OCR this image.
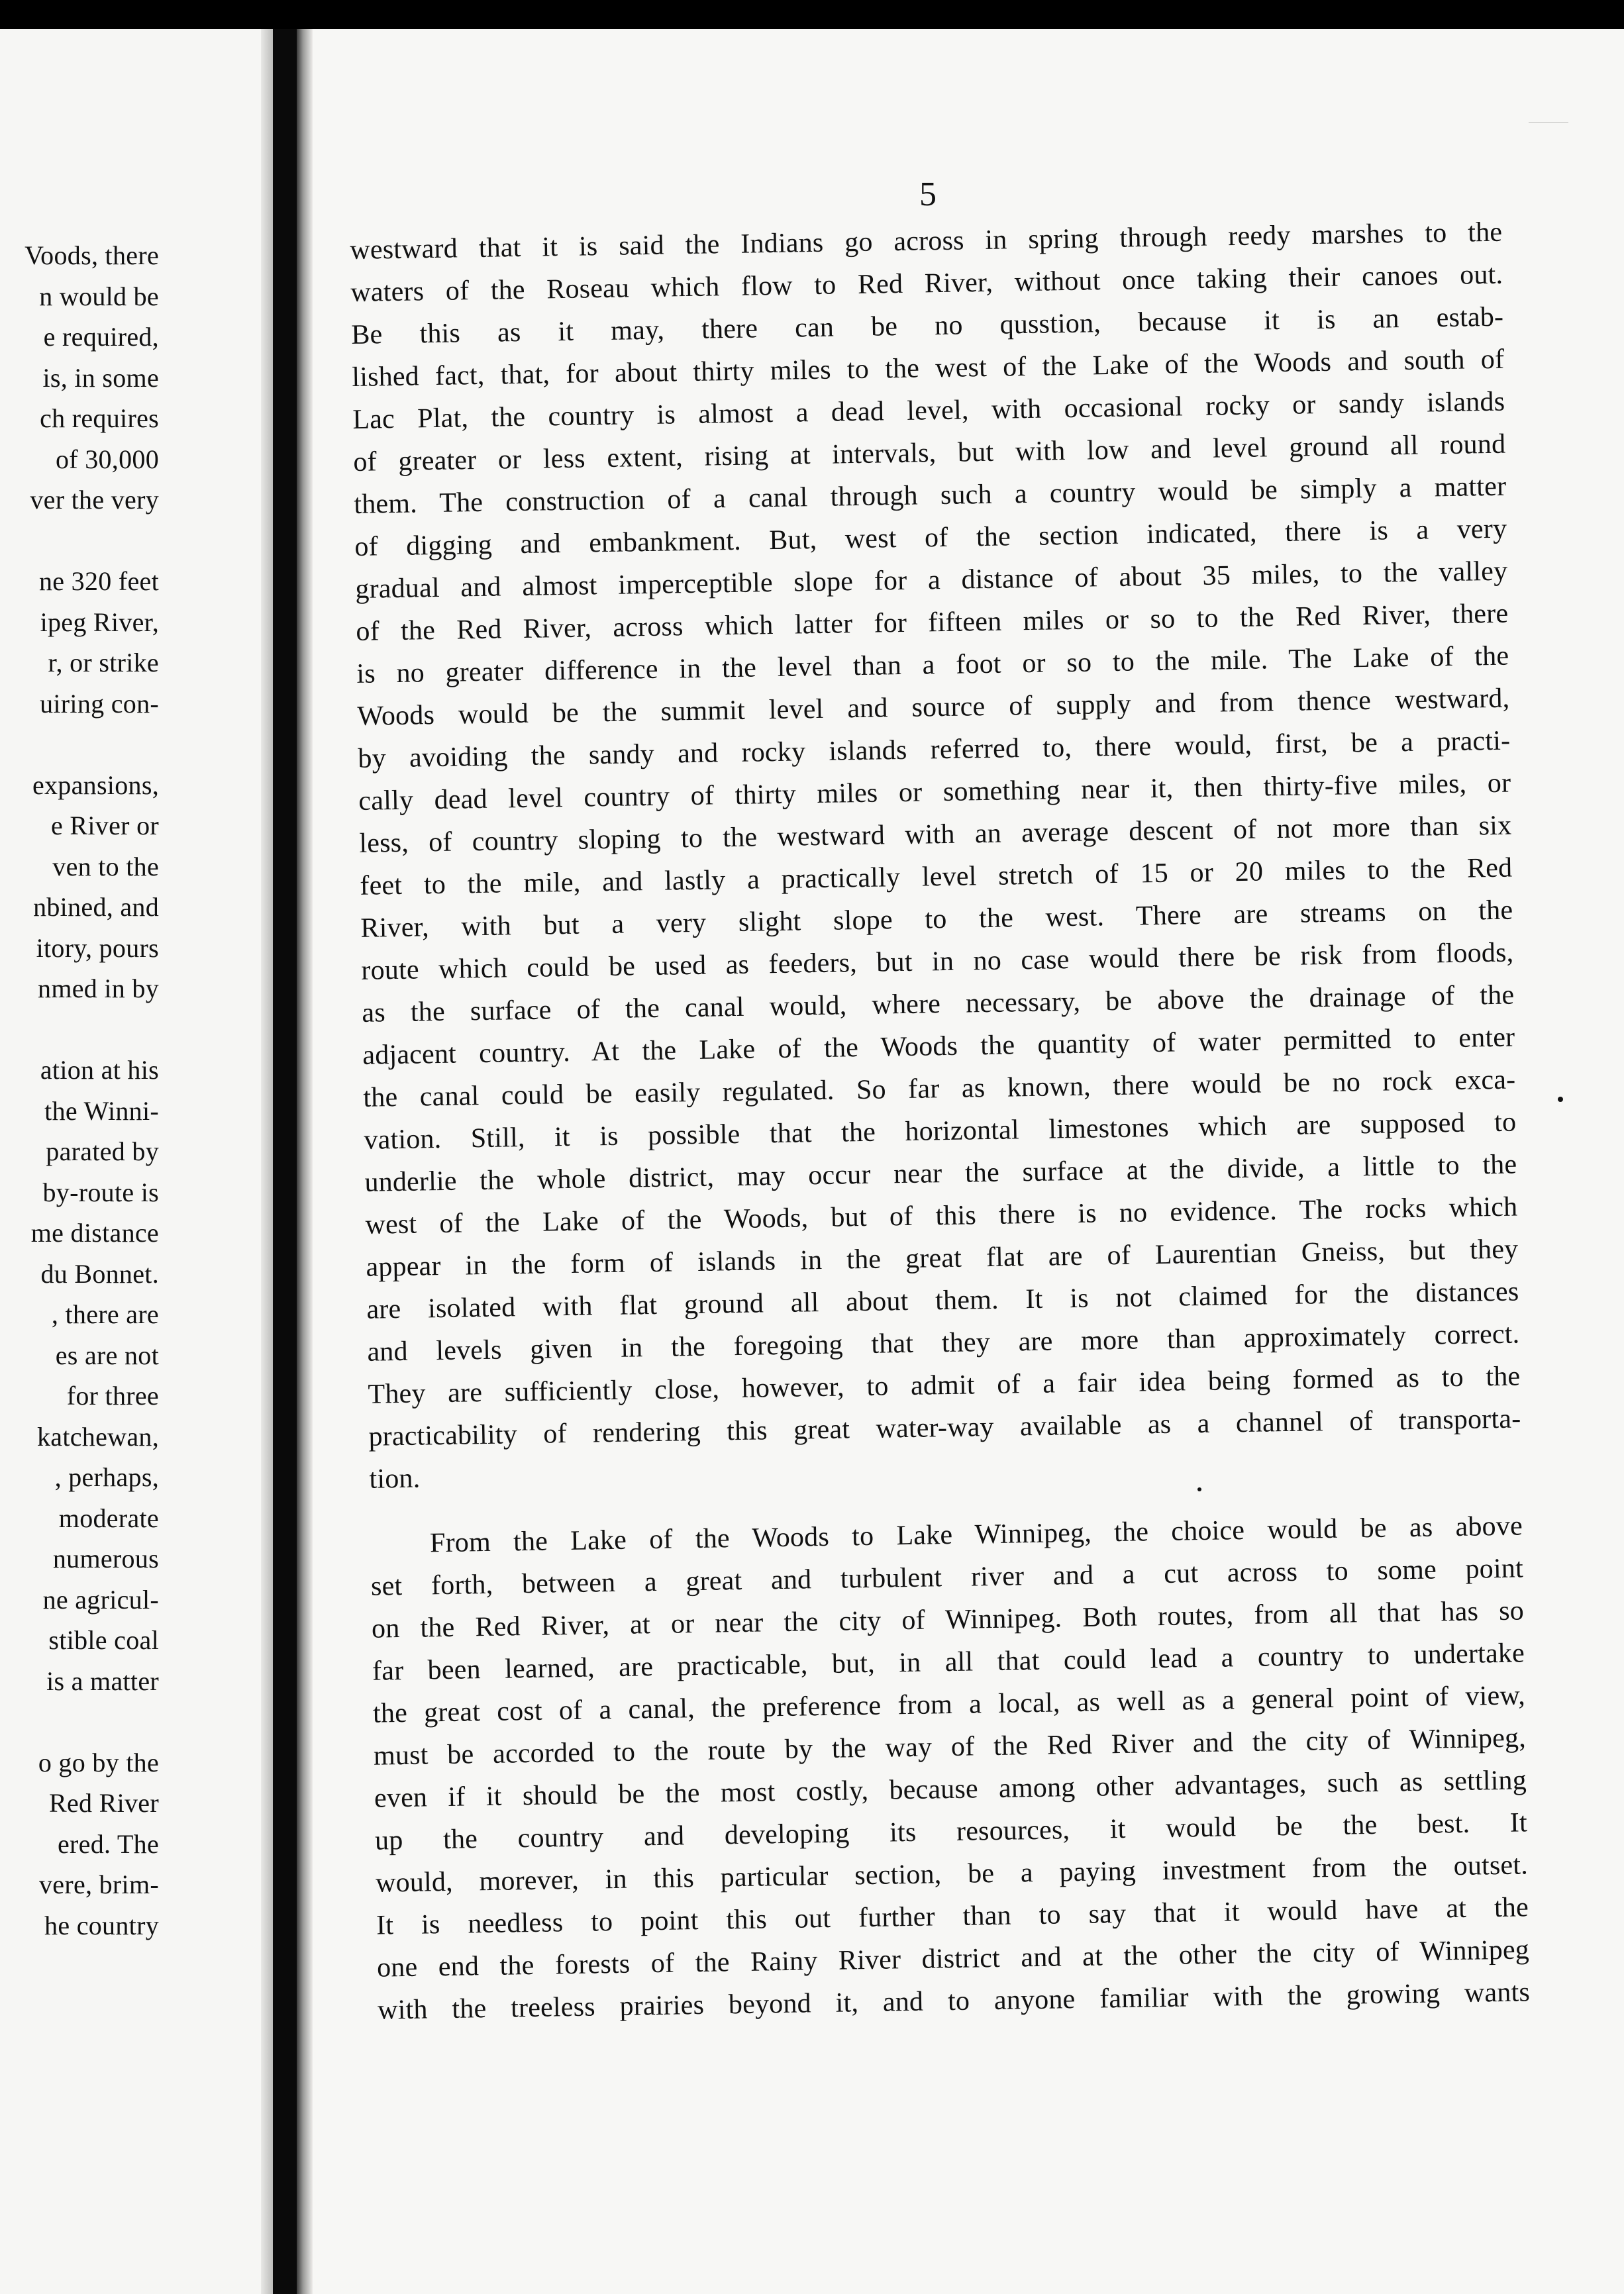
Voods, there
n would be
e required,
is, in some
ch requires
of 30,000
ver the very
ne 320 feet
ipeg River,
r, or strike
uiring con-
expansions,
e River or
ven to the
nbined, and
itory, pours
nmed in by
ation at his
the Winni-
parated by
by-route is
me distance
du Bonnet.
, there are
es are not
for three
katchewan,
, perhaps,
moderate
numerous
ne agricul-
stible coal
is a matter
o go by the
Red River
ered. The
vere, brim-
he country
5
westward that it is said the Indians go across in spring through reedy marshes to the
waters of the Roseau which flow to Red River, without once taking their canoes out.
Be this as it may, there can be no qusstion, because it is an estab-
lished fact, that, for about thirty miles to the west of the Lake of the Woods and south of
Lac Plat, the country is almost a dead level, with occasional rocky or sandy islands
of greater or less extent, rising at intervals, but with low and level ground all round
them. The construction of a canal through such a country would be simply a matter
of digging and embankment. But, west of the section indicated, there is a very
gradual and almost imperceptible slope for a distance of about 35 miles, to the valley
of the Red River, across which latter for fifteen miles or so to the Red River, there
is no greater difference in the level than a foot or so to the mile. The Lake of the
Woods would be the summit level and source of supply and from thence westward,
by avoiding the sandy and rocky islands referred to, there would, first, be a practi-
cally dead level country of thirty miles or something near it, then thirty-five miles, or
less, of country sloping to the westward with an average descent of not more than six
feet to the mile, and lastly a practically level stretch of 15 or 20 miles to the Red
River, with but a very slight slope to the west. There are streams on the
route which could be used as feeders, but in no case would there be risk from floods,
as the surface of the canal would, where necessary, be above the drainage of the
adjacent country. At the Lake of the Woods the quantity of water permitted to enter
the canal could be easily regulated. So far as known, there would be no rock exca-
vation. Still, it is possible that the horizontal limestones which are supposed to
underlie the whole district, may occur near the surface at the divide, a little to the
west of the Lake of the Woods, but of this there is no evidence. The rocks which
appear in the form of islands in the great flat are of Laurentian Gneiss, but they
are isolated with flat ground all about them. It is not claimed for the distances
and levels given in the foregoing that they are more than approximately correct.
They are sufficiently close, however, to admit of a fair idea being formed as to the
practicability of rendering this great water-way available as a channel of transporta-
tion.
From the Lake of the Woods to Lake Winnipeg, the choice would be as above
set forth, between a great and turbulent river and a cut across to some point
on the Red River, at or near the city of Winnipeg. Both routes, from all that has so
far been learned, are practicable, but, in all that could lead a country to undertake
the great cost of a canal, the preference from a local, as well as a general point of view,
must be accorded to the route by the way of the Red River and the city of Winnipeg,
even if it should be the most costly, because among other advantages, such as settling
up the country and developing its resources, it would be the best. It
would, morever, in this particular section, be a paying investment from the outset.
It is needless to point this out further than to say that it would have at the
one end the forests of the Rainy River district and at the other the city of Winnipeg
with the treeless prairies beyond it, and to anyone familiar with the growing wants
